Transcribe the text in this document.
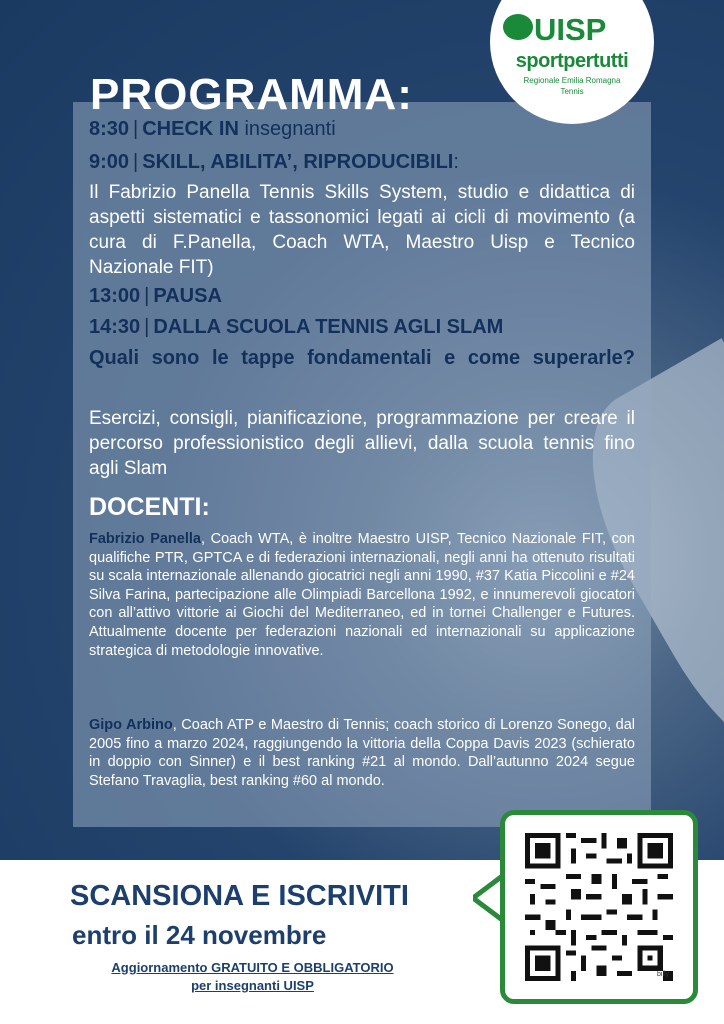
UISP
sportpertutti
Regionale Emilia Romagna
Tennis
PROGRAMMA:
8:30 | CHECK IN insegnanti
9:00 | SKILL, ABILITA’, RIPRODUCIBILI:
Il Fabrizio Panella Tennis Skills System, studio e didattica di aspetti sistematici e tassonomici legati ai cicli di movimento (a cura di F.Panella, Coach WTA, Maestro Uisp e Tecnico Nazionale FIT)
13:00 | PAUSA
14:30 | DALLA SCUOLA TENNIS AGLI SLAM
Quali sono le tappe fondamentali e come superarle?
Esercizi, consigli, pianificazione, programmazione per creare il percorso professionistico degli allievi, dalla scuola tennis fino agli Slam
DOCENTI:
Fabrizio Panella, Coach WTA, è inoltre Maestro UISP, Tecnico Nazionale FIT, con qualifiche PTR, GPTCA e di federazioni internazionali, negli anni ha ottenuto risultati su scala internazionale allenando giocatrici negli anni 1990, #37 Katia Piccolini e #24 Silva Farina, partecipazione alle Olimpiadi Barcellona 1992, e innumerevoli giocatori con all’attivo vittorie ai Giochi del Mediterraneo, ed in tornei Challenger e Futures. Attualmente docente per federazioni nazionali ed internazionali su applicazione strategica di metodologie innovative.
Gipo Arbino, Coach ATP e Maestro di Tennis; coach storico di Lorenzo Sonego, dal 2005 fino a marzo 2024, raggiungendo la vittoria della Coppa Davis 2023 (schierato in doppio con Sinner) e il best ranking #21 al mondo. Dall’autunno 2024 segue Stefano Travaglia, best ranking #60 al mondo.
SCANSIONA E ISCRIVITI
entro il 24 novembre
Aggiornamento GRATUITO E OBBLIGATORIO
per insegnanti UISP
billy
